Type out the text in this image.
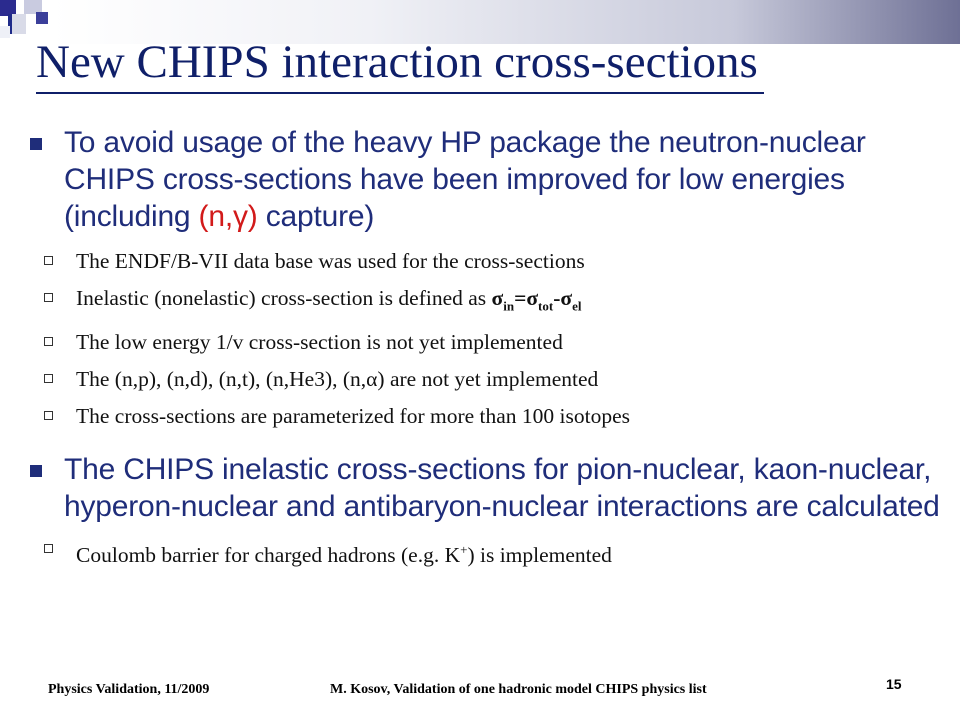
New CHIPS interaction cross-sections
To avoid usage of the heavy HP package the neutron-nuclear CHIPS cross-sections have been improved for low energies (including (n,γ) capture)
The ENDF/B-VII data base was used for the cross-sections
Inelastic (nonelastic) cross-section is defined as $\sigma_{in}=\sigma_{tot}-\sigma_{el}$
The low energy 1/v cross-section is not yet implemented
The (n,p), (n,d), (n,t), (n,He3), (n,α) are not yet implemented
The cross-sections are parameterized for more than 100 isotopes
The CHIPS inelastic cross-sections for pion-nuclear, kaon-nuclear, hyperon-nuclear and antibaryon-nuclear interactions are calculated
Coulomb barrier for charged hadrons (e.g. K+) is implemented
Physics Validation, 11/2009	M. Kosov, Validation of one hadronic model CHIPS physics list	15
